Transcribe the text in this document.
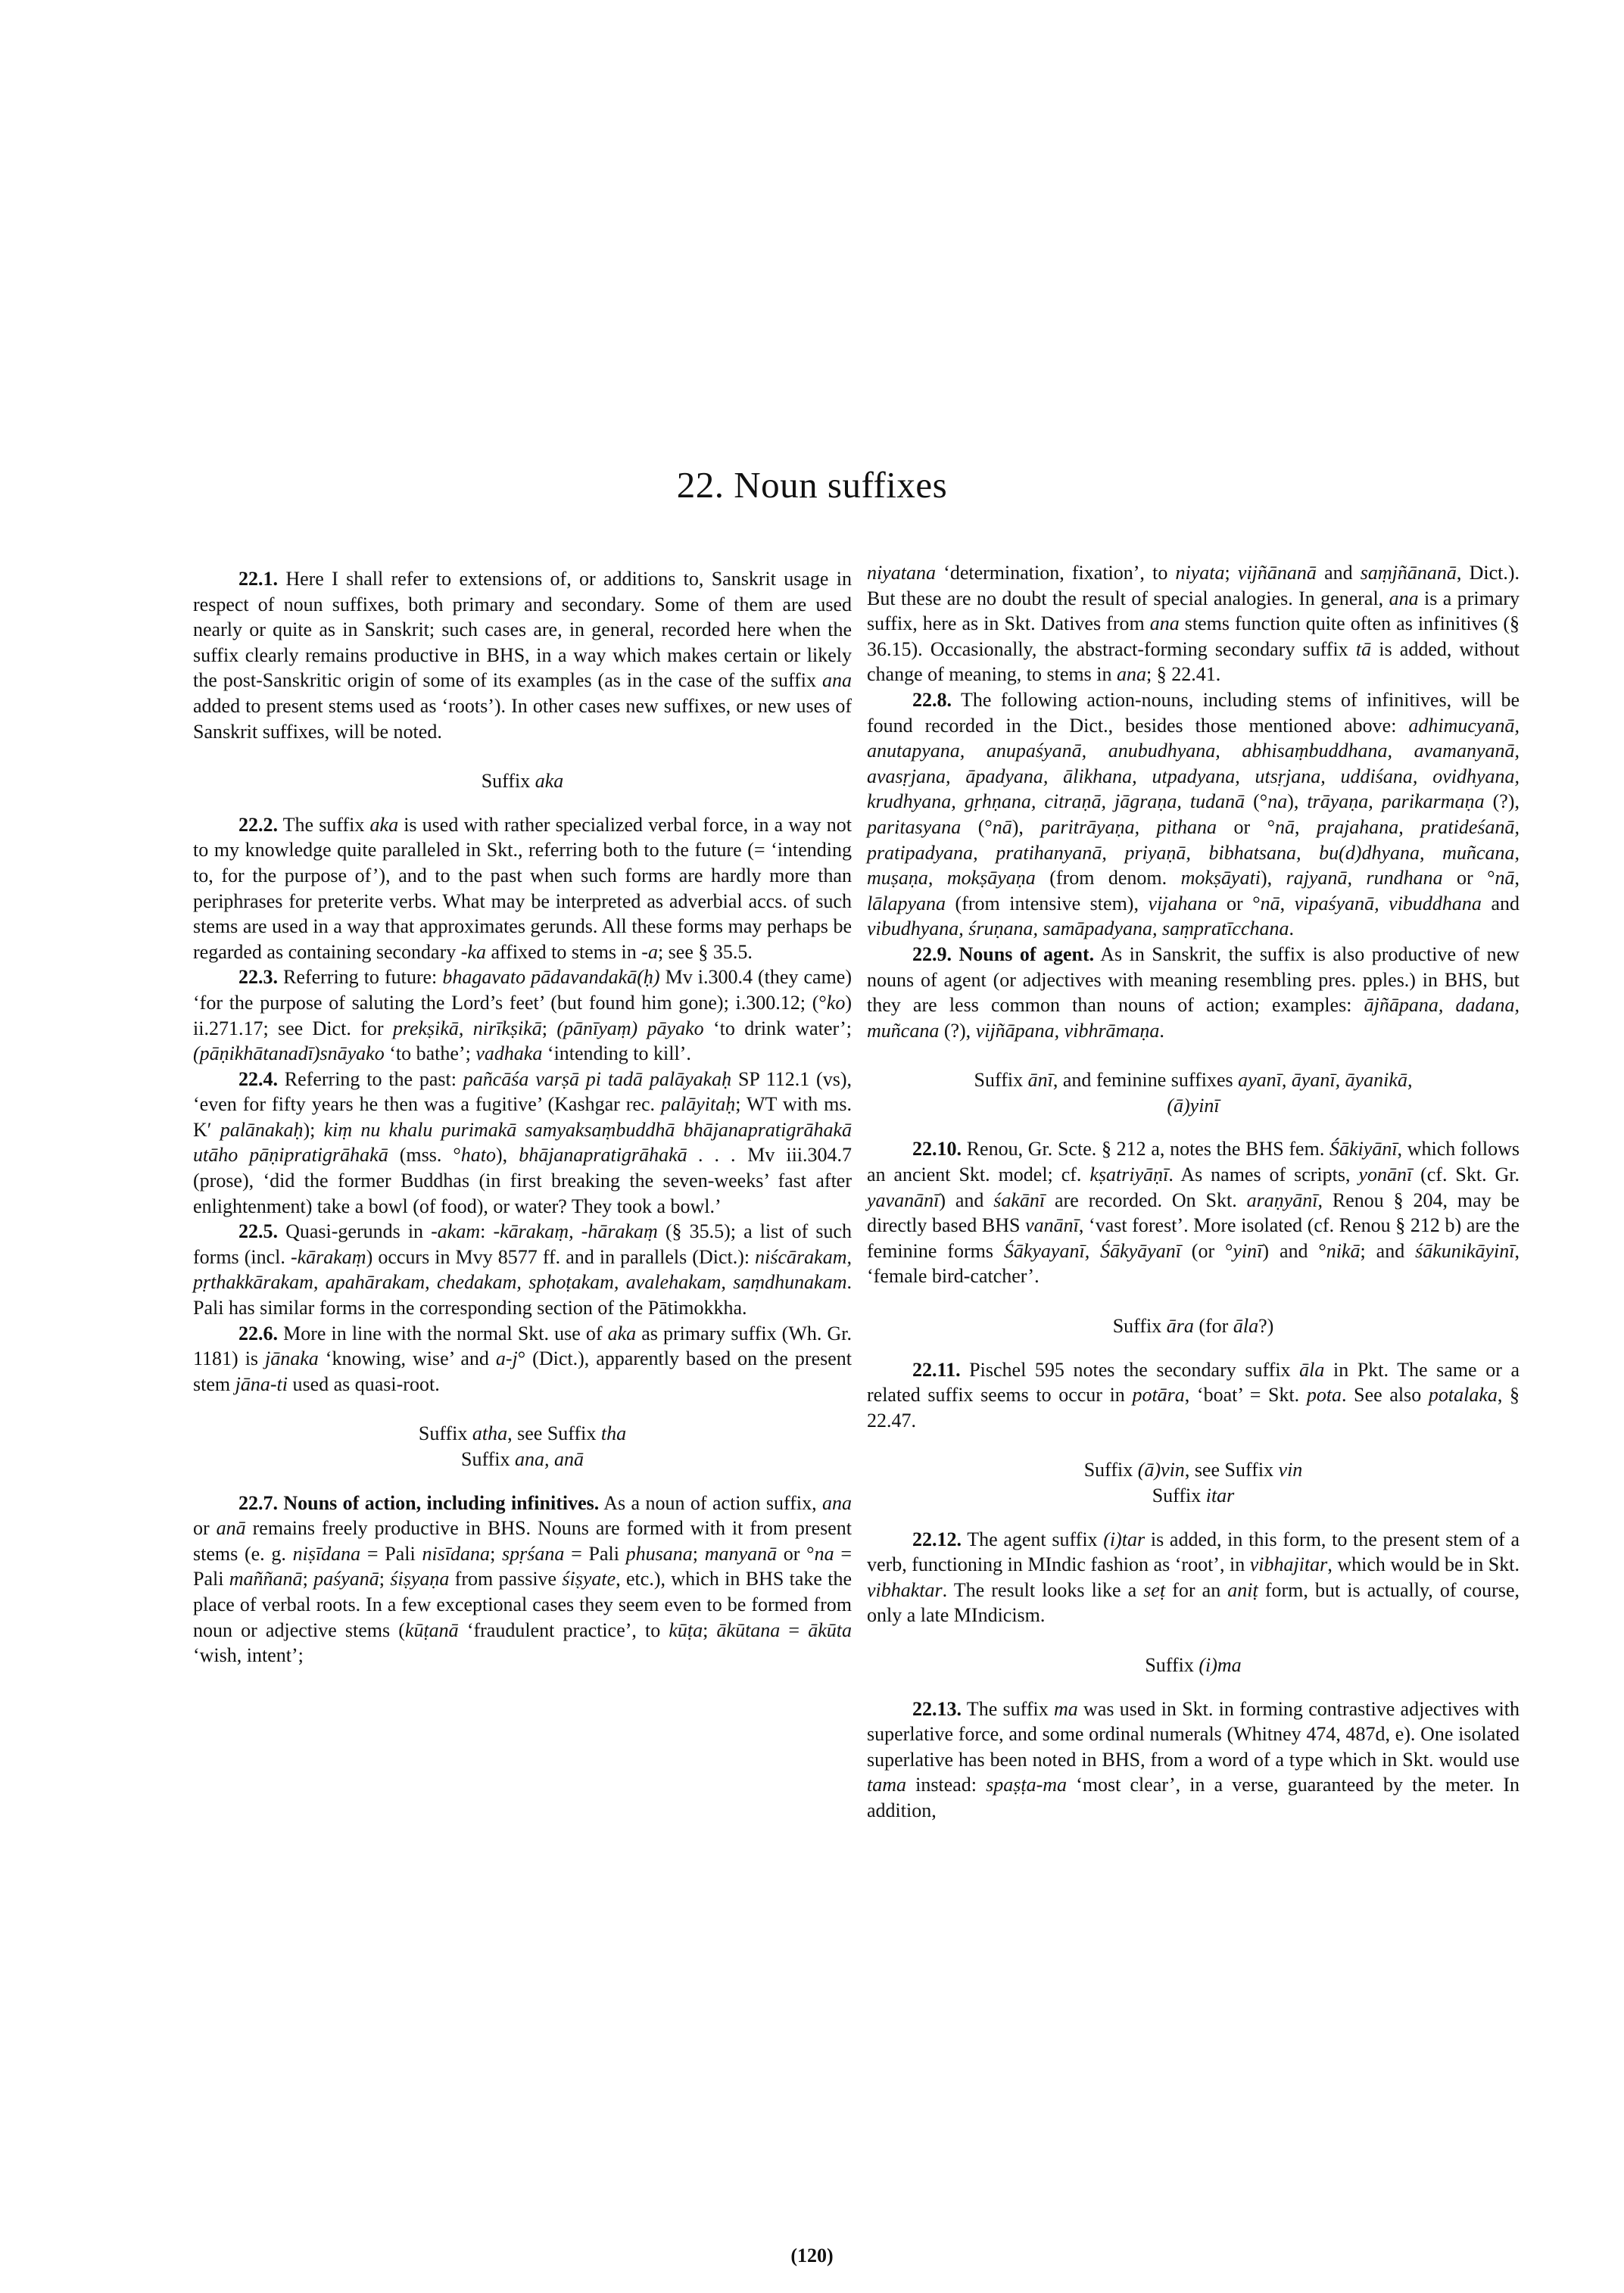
22. Noun suffixes

22.1. Here I shall refer to extensions of, or additions to, Sanskrit usage in respect of noun suffixes, both primary and secondary. Some of them are used nearly or quite as in Sanskrit; such cases are, in general, recorded here when the suffix clearly remains productive in BHS, in a way which makes certain or likely the post-Sanskritic origin of some of its examples (as in the case of the suffix ana added to present stems used as ‘roots’). In other cases new suffixes, or new uses of Sanskrit suffixes, will be noted.

Suffix aka

22.2. The suffix aka is used with rather specialized verbal force, in a way not to my knowledge quite paralleled in Skt., referring both to the future (= ‘intending to, for the purpose of’), and to the past when such forms are hardly more than periphrases for preterite verbs. What may be interpreted as adverbial accs. of such stems are used in a way that approximates gerunds. All these forms may perhaps be regarded as containing secondary -ka affixed to stems in -a; see § 35.5.

22.3. Referring to future: bhagavato pādavandakā(ḥ) Mv i.300.4 (they came) ‘for the purpose of saluting the Lord’s feet’ (but found him gone); i.300.12; (°ko) ii.271.17; see Dict. for prekṣikā, nirīkṣikā; (pānīyaṃ) pāyako ‘to drink water’; (pāṇikhātanadī)snāyako ‘to bathe’; vadhaka ‘intending to kill’.

22.4. Referring to the past: pañcāśa varṣā pi tadā palāyakaḥ SP 112.1 (vs), ‘even for fifty years he then was a fugitive’ (Kashgar rec. palāyitaḥ; WT with ms. K′ palānakaḥ); kiṃ nu khalu purimakā samyaksaṃbuddhā bhājanapratigrāhakā utāho pāṇipratigrāhakā (mss. °hato), bhājanapratigrāhakā . . . Mv iii.304.7 (prose), ‘did the former Buddhas (in first breaking the seven-weeks’ fast after enlightenment) take a bowl (of food), or water? They took a bowl.’

22.5. Quasi-gerunds in -akam: -kārakaṃ, -hārakaṃ (§ 35.5); a list of such forms (incl. -kārakaṃ) occurs in Mvy 8577 ff. and in parallels (Dict.): niścārakam, pṛthakkārakam, apahārakam, chedakam, sphoṭakam, avalehakam, saṃdhunakam. Pali has similar forms in the corresponding section of the Pātimokkha.

22.6. More in line with the normal Skt. use of aka as primary suffix (Wh. Gr. 1181) is jānaka ‘knowing, wise’ and a-j° (Dict.), apparently based on the present stem jāna-ti used as quasi-root.

Suffix atha, see Suffix tha

Suffix ana, anā

22.7. Nouns of action, including infinitives. As a noun of action suffix, ana or anā remains freely productive in BHS. Nouns are formed with it from present stems (e. g. niṣīdana = Pali nisīdana; spṛśana = Pali phusana; manyanā or °na = Pali maññanā; paśyanā; śiṣyaṇa from passive śiṣyate, etc.), which in BHS take the place of verbal roots. In a few exceptional cases they seem even to be formed from noun or adjective stems (kūṭanā ‘fraudulent practice’, to kūṭa; ākūtana = ākūta ‘wish, intent’;

niyatana ‘determination, fixation’, to niyata; vijñānanā and saṃjñānanā, Dict.). But these are no doubt the result of special analogies. In general, ana is a primary suffix, here as in Skt. Datives from ana stems function quite often as infinitives (§ 36.15). Occasionally, the abstract-forming secondary suffix tā is added, without change of meaning, to stems in ana; § 22.41.

22.8. The following action-nouns, including stems of infinitives, will be found recorded in the Dict., besides those mentioned above: adhimucyanā, anutapyana, anupaśyanā, anubudhyana, abhisaṃbuddhana, avamanyanā, avasṛjana, āpadyana, ālikhana, utpadyana, utsṛjana, uddiśana, ovidhyana, krudhyana, gṛhṇana, citraṇā, jāgraṇa, tudanā (°na), trāyaṇa, parikarmaṇa (?), paritasyana (°nā), paritrāyaṇa, pithana or °nā, prajahana, pratideśanā, pratipadyana, pratihanyanā, priyaṇā, bibhatsana, bu(d)dhyana, muñcana, muṣaṇa, mokṣāyaṇa (from denom. mokṣāyati), rajyanā, rundhana or °nā, lālapyana (from intensive stem), vijahana or °nā, vipaśyanā, vibuddhana and vibudhyana, śruṇana, samāpadyana, saṃpratīcchana.

22.9. Nouns of agent. As in Sanskrit, the suffix is also productive of new nouns of agent (or adjectives with meaning resembling pres. pples.) in BHS, but they are less common than nouns of action; examples: ājñāpana, dadana, muñcana (?), vijñāpana, vibhrāmaṇa.

Suffix ānī, and feminine suffixes ayanī, āyanī, āyanikā,
(ā)yinī

22.10. Renou, Gr. Scte. § 212 a, notes the BHS fem. Śākiyānī, which follows an ancient Skt. model; cf. kṣatriyāṇī. As names of scripts, yonānī (cf. Skt. Gr. yavanānī) and śakānī are recorded. On Skt. araṇyānī, Renou § 204, may be directly based BHS vanānī, ‘vast forest’. More isolated (cf. Renou § 212 b) are the feminine forms Śākyayanī, Śākyāyanī (or °yinī) and °nikā; and śākunikāyinī, ‘female bird-catcher’.

Suffix āra (for āla?)

22.11. Pischel 595 notes the secondary suffix āla in Pkt. The same or a related suffix seems to occur in potāra, ‘boat’ = Skt. pota. See also potalaka, § 22.47.

Suffix (ā)vin, see Suffix vin

Suffix itar

22.12. The agent suffix (i)tar is added, in this form, to the present stem of a verb, functioning in MIndic fashion as ‘root’, in vibhajitar, which would be in Skt. vibhaktar. The result looks like a seṭ for an aniṭ form, but is actually, of course, only a late MIndicism.

Suffix (i)ma

22.13. The suffix ma was used in Skt. in forming contrastive adjectives with superlative force, and some ordinal numerals (Whitney 474, 487d, e). One isolated superlative has been noted in BHS, from a word of a type which in Skt. would use tama instead: spaṣṭa-ma ‘most clear’, in a verse, guaranteed by the meter. In addition,

(120)
